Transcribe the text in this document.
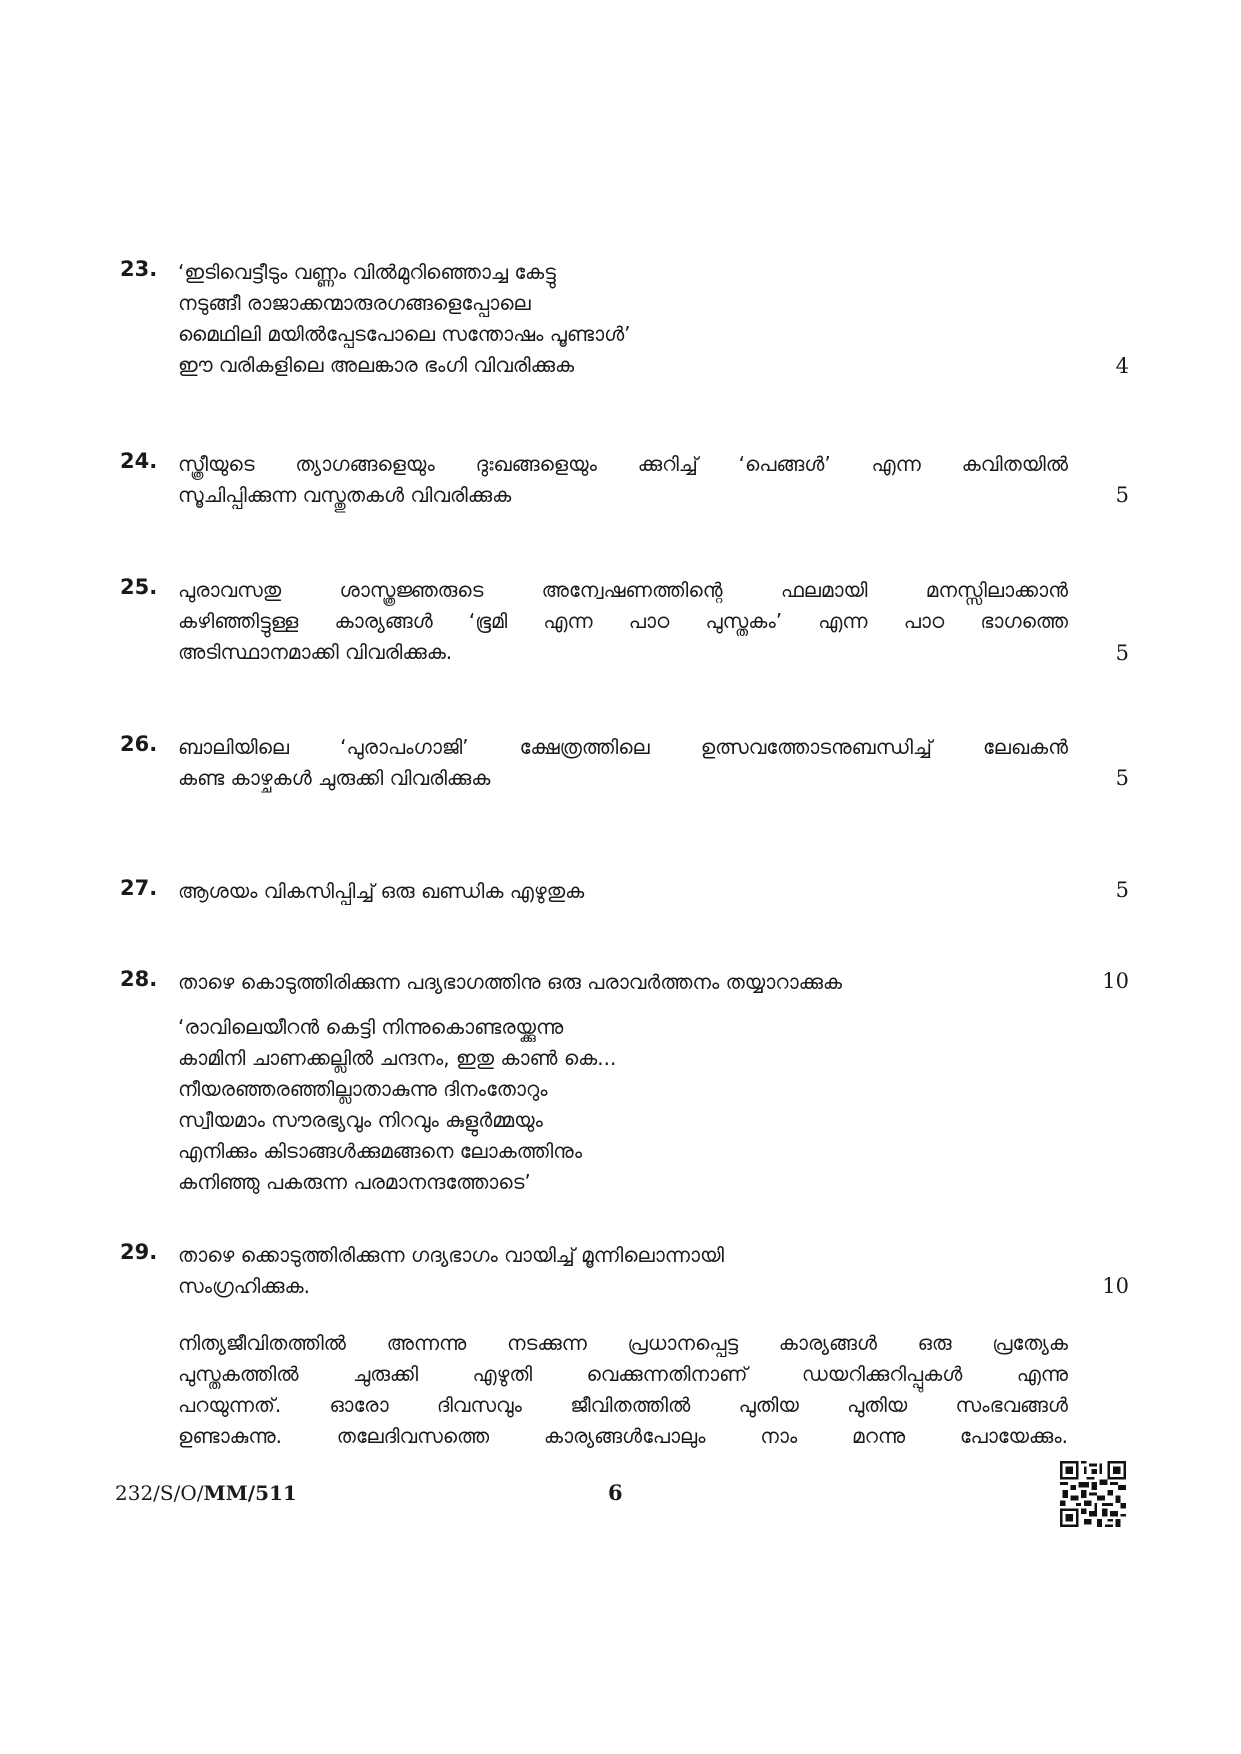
23.	‘ഇടിവെട്ടീടും വണ്ണം വിൽമുറിഞ്ഞൊച്ച കേട്ടു
നടുങ്ങീ രാജാക്കന്മാരുരഗങ്ങളെപ്പോലെ
മൈഥിലി മയിൽപ്പേടപോലെ സന്തോഷം പൂണ്ടാൾ’
ഈ വരികളിലെ അലങ്കാര ഭംഗി വിവരിക്കുക	4
24.	സ്ത്രീയുടെ ത്യാഗങ്ങളെയും ദുഃഖങ്ങളെയും ക്കുറിച്ച് ‘പെങ്ങൾ’ എന്ന കവിതയിൽ
സൂചിപ്പിക്കുന്ന വസ്തുതകൾ വിവരിക്കുക	5
25.	പുരാവസതു ശാസ്ത്രജ്ഞരുടെ അന്വേഷണത്തിന്റെ ഫലമായി മനസ്സിലാക്കാൻ
കഴിഞ്ഞിട്ടുള്ള കാര്യങ്ങൾ ‘ഭൂമി എന്ന പാഠ പുസ്തകം’ എന്ന പാഠ ഭാഗത്തെ
അടിസ്ഥാനമാക്കി വിവരിക്കുക.	5
26.	ബാലിയിലെ ‘പുരാപംഗാജി’ ക്ഷേത്രത്തിലെ ഉത്സവത്തോടനുബന്ധിച്ച് ലേഖകൻ
കണ്ട കാഴ്ചകൾ ചുരുക്കി വിവരിക്കുക	5
27.	ആശയം വികസിപ്പിച്ച് ഒരു ഖണ്ഡിക എഴുതുക	5
28.	താഴെ കൊടുത്തിരിക്കുന്ന പദ്യഭാഗത്തിനു ഒരു പരാവർത്തനം തയ്യാറാക്കുക
‘രാവിലെയീറൻ കെട്ടി നിന്നുകൊണ്ടരയ്ക്കുന്നു
കാമിനി ചാണക്കല്ലിൽ ചന്ദനം, ഇതു കാൺ കെ...
നീയരഞ്ഞരഞ്ഞില്ലാതാകുന്നു ദിനംതോറും
സ്വീയമാം സൗരഭ്യവും നിറവും കുളുർമ്മയും
എനിക്കും കിടാങ്ങൾക്കുമങ്ങനെ ലോകത്തിനും
കനിഞ്ഞു പകരുന്ന പരമാനന്ദത്തോടെ’
10
29.	താഴെ ക്കൊടുത്തിരിക്കുന്ന ഗദ്യഭാഗം വായിച്ച് മൂന്നിലൊന്നായി
സംഗ്രഹിക്കുക.
നിത്യജീവിതത്തിൽ അന്നന്നു നടക്കുന്ന പ്രധാനപ്പെട്ട കാര്യങ്ങൾ ഒരു പ്രത്യേക
പുസ്തകത്തിൽ ചുരുക്കി എഴുതി വെക്കുന്നതിനാണ് ഡയറിക്കുറിപ്പുകൾ എന്നു
പറയുന്നത്. ഓരോ ദിവസവും ജീവിതത്തിൽ പുതിയ പുതിയ സംഭവങ്ങൾ
ഉണ്ടാകുന്നു. തലേദിവസത്തെ കാര്യങ്ങൾപോലും നാം മറന്നു പോയേക്കും.
10
232/S/O/MM/511	6
